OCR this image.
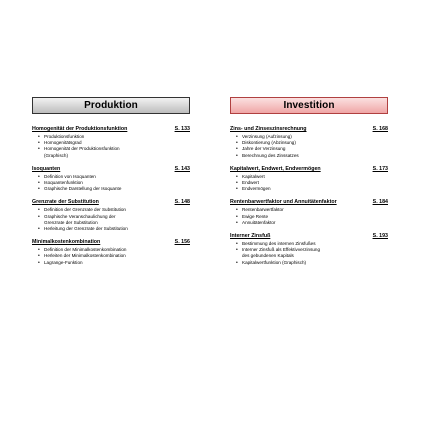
Produktion
Homogenität der Produktionsfunktion	S. 133
• Produktionsfunktion
• Homogenitätsgrad
• Homogenität der Produktionsfunktion
(Graphisch)
Isoquanten	S. 143
• Definition von Isoquanten
• Isoquantenfunktion
• Graphische Darstellung der Isoquante
Grenzrate der Substitution	S. 148
• Definition der Grenzrate der Substitution
• Graphische Veranschaulichung der
Grenzrate der Substitution
• Herleitung der Grenzrate der Substitution
Minimalkostenkombination	S. 156
• Definition der Minimalkostenkombination
• Herleiten der Minimalkostenkombination
• Lagrange-Funktion
Investition
Zins- und Zinseszinsrechnung	S. 168
• Verzinsung (Aufzinsung)
• Diskontierung (Abzinsung)
• Jahre der Verzinsung
• Berechnung des Zinssatzes
Kapitalwert, Endwert, Endvermögen	S. 173
• Kapitalwert
• Endwert
• Endvermögen
Rentenbarwertfaktor und Annuitätenfaktor	S. 184
• Rentenbarwertfaktor
• Ewige Rente
• Annuitätenfaktor
Interner Zinsfuß	S. 193
• Bestimmung des internen Zinsfußes
• Interner Zinsfuß als Effektivverzinsung
des gebundenen Kapitals
• Kapitalwertfunktion (Graphisch)
